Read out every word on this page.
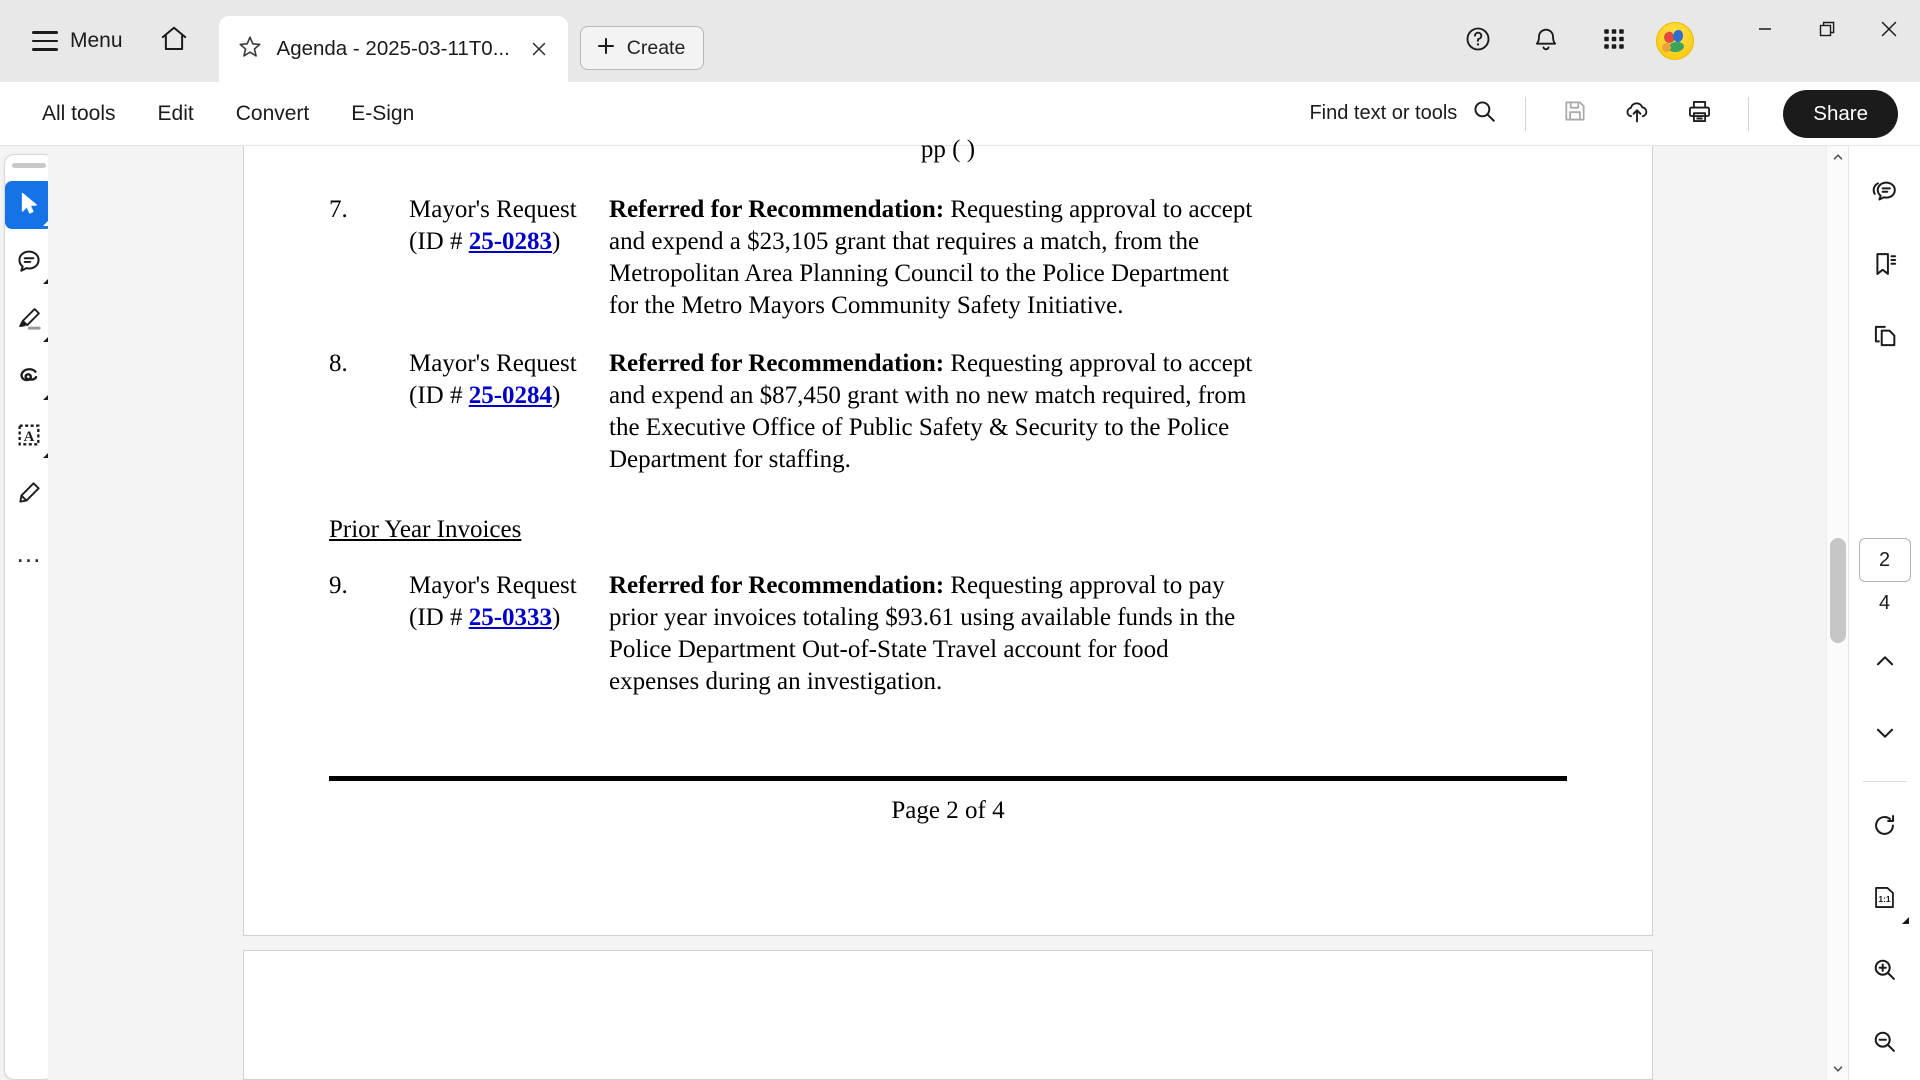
Menu	Agenda - 2025-03-11T0...	Create
All tools	Edit	Convert	E-Sign	Find text or tools	Share
A
...
pp ( )
7.	Mayor's Request
(ID # 25-0283)
Referred for Recommendation: Requesting approval to accept and expend a $23,105 grant that requires a match, from the Metropolitan Area Planning Council to the Police Department for the Metro Mayors Community Safety Initiative.
8.	Mayor's Request
(ID # 25-0284)
Referred for Recommendation: Requesting approval to accept and expend an $87,450 grant with no new match required, from the Executive Office of Public Safety & Security to the Police Department for staffing.
Prior Year Invoices
9.	Mayor's Request
(ID # 25-0333)
Referred for Recommendation: Requesting approval to pay prior year invoices totaling $93.61 using available funds in the Police Department Out-of-State Travel account for food expenses during an investigation.
Page 2 of 4
2
4
1:1
